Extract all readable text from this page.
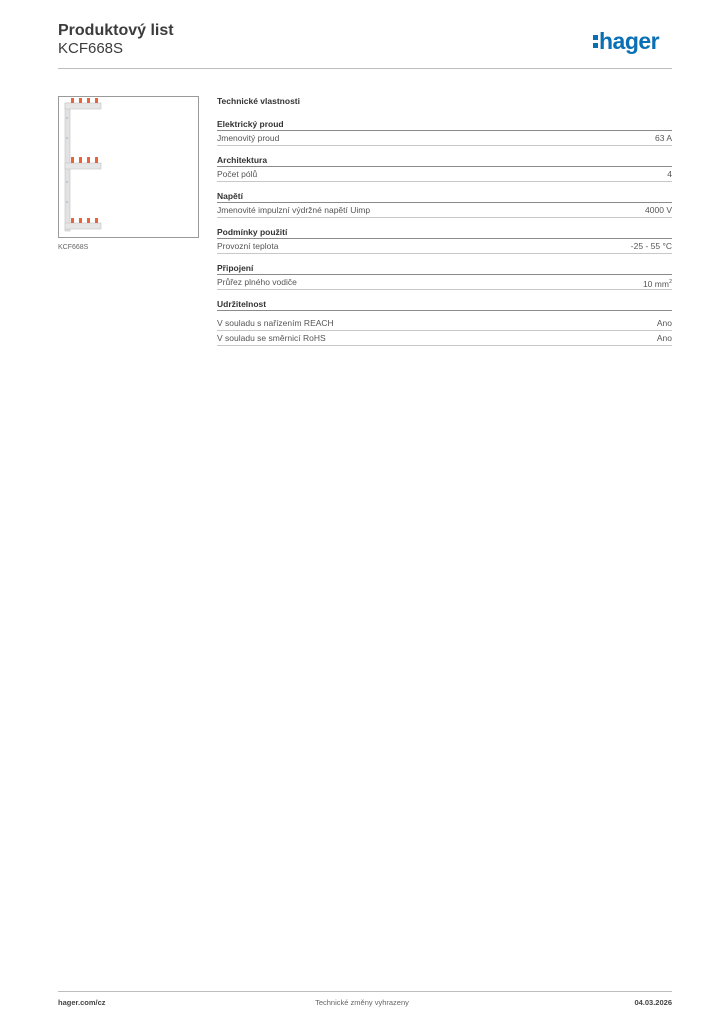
Produktový list
KCF668S	hager
KCF668S
Technické vlastnosti
Elektrický proud
Jmenovitý proud	63 A
Architektura
Počet pólů	4
Napětí
Jmenovité impulzní výdržné napětí Uimp	4000 V
Podmínky použití
Provozní teplota	-25 - 55 °C
Připojení
Průřez plného vodiče	10 $mm^2$
Udržitelnost
V souladu s nařízením REACH	Ano
V souladu se směrnicí RoHS	Ano
hager.com/cz	Technické změny vyhrazeny	04.03.2026
